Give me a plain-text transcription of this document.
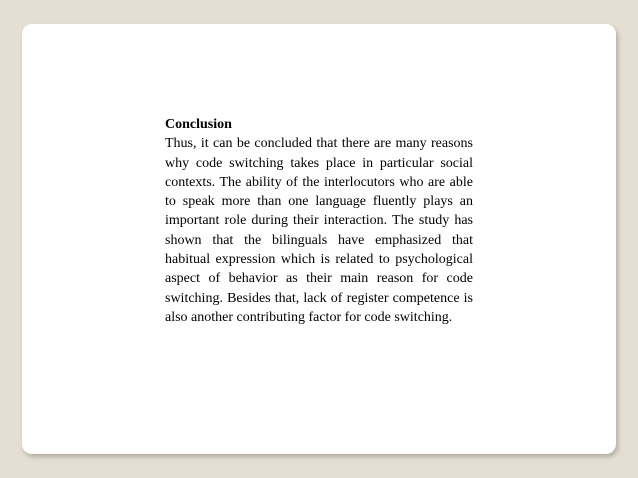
Conclusion

Thus, it can be concluded that there are many reasons why code switching takes place in particular social contexts. The ability of the interlocutors who are able to speak more than one language fluently plays an important role during their interaction. The study has shown that the bilinguals have emphasized that habitual expression which is related to psychological aspect of behavior as their main reason for code switching. Besides that, lack of register competence is also another contributing factor for code switching.
